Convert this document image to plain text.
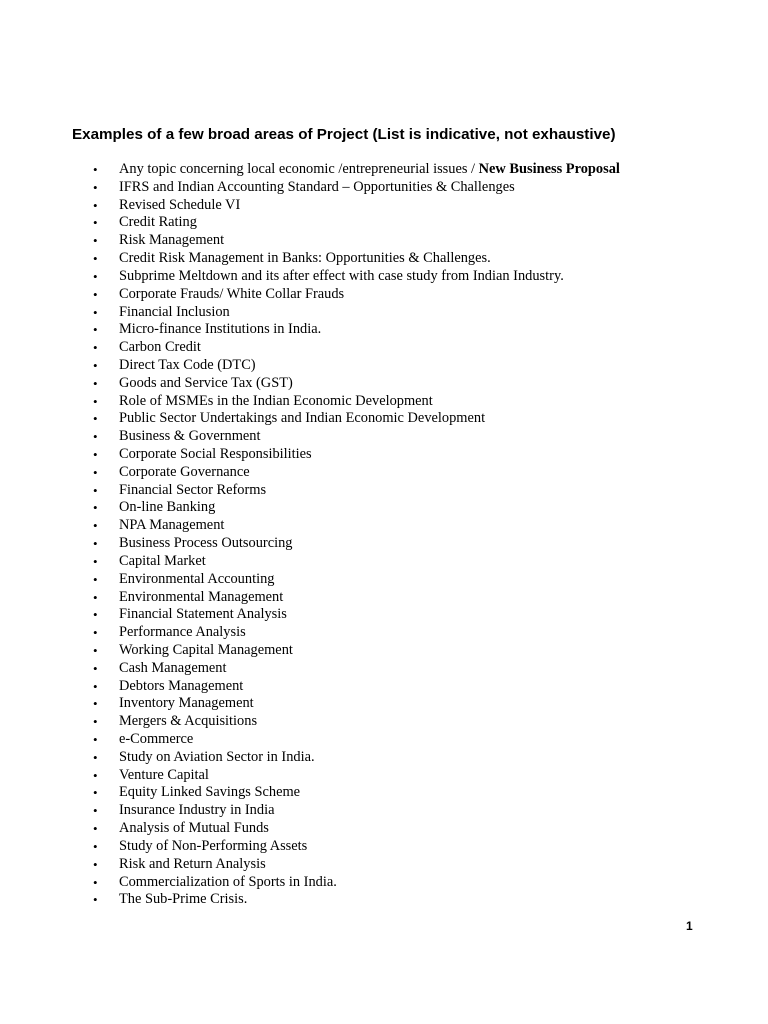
Examples of a few broad areas of Project (List is indicative, not exhaustive)
• Any topic concerning local economic /entrepreneurial issues / New Business Proposal
• IFRS and Indian Accounting Standard – Opportunities & Challenges
• Revised Schedule VI
• Credit Rating
• Risk Management
• Credit Risk Management in Banks: Opportunities & Challenges.
• Subprime Meltdown and its after effect with case study from Indian Industry.
• Corporate Frauds/ White Collar Frauds
• Financial Inclusion
• Micro-finance Institutions in India.
• Carbon Credit
• Direct Tax Code (DTC)
• Goods and Service Tax (GST)
• Role of MSMEs in the Indian Economic Development
• Public Sector Undertakings and Indian Economic Development
• Business & Government
• Corporate Social Responsibilities
• Corporate Governance
• Financial Sector Reforms
• On-line Banking
• NPA Management
• Business Process Outsourcing
• Capital Market
• Environmental Accounting
• Environmental Management
• Financial Statement Analysis
• Performance Analysis
• Working Capital Management
• Cash Management
• Debtors Management
• Inventory Management
• Mergers & Acquisitions
• e-Commerce
• Study on Aviation Sector in India.
• Venture Capital
• Equity Linked Savings Scheme
• Insurance Industry in India
• Analysis of Mutual Funds
• Study of Non-Performing Assets
• Risk and Return Analysis
• Commercialization of Sports in India.
• The Sub-Prime Crisis.
1
